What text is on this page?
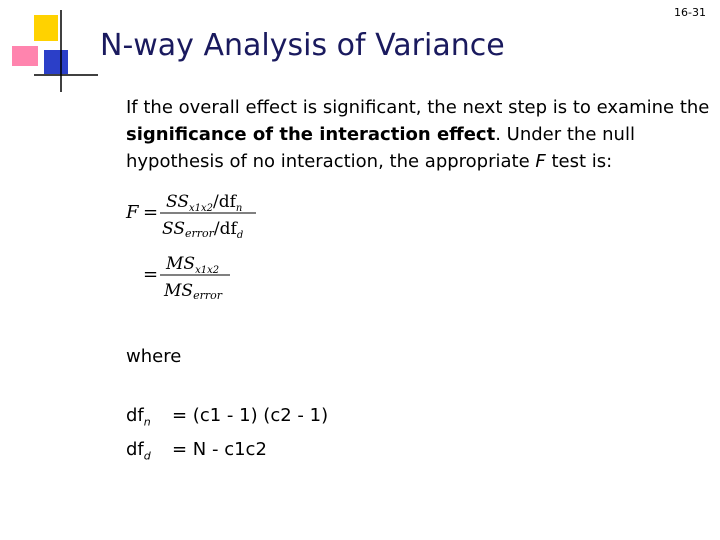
16-31
N-way Analysis of Variance
If the overall effect is significant, the next step is to examine the significance of the interaction effect. Under the null hypothesis of no interaction, the appropriate F test is:
$F = SS_{x1x2}/df_n$
SSerror/$df_d$
= $MS_{x1x2}$
MSerror
where
$df_n = (c1 - 1)$ (c2 - 1)
$df_d = N - c1c2$
